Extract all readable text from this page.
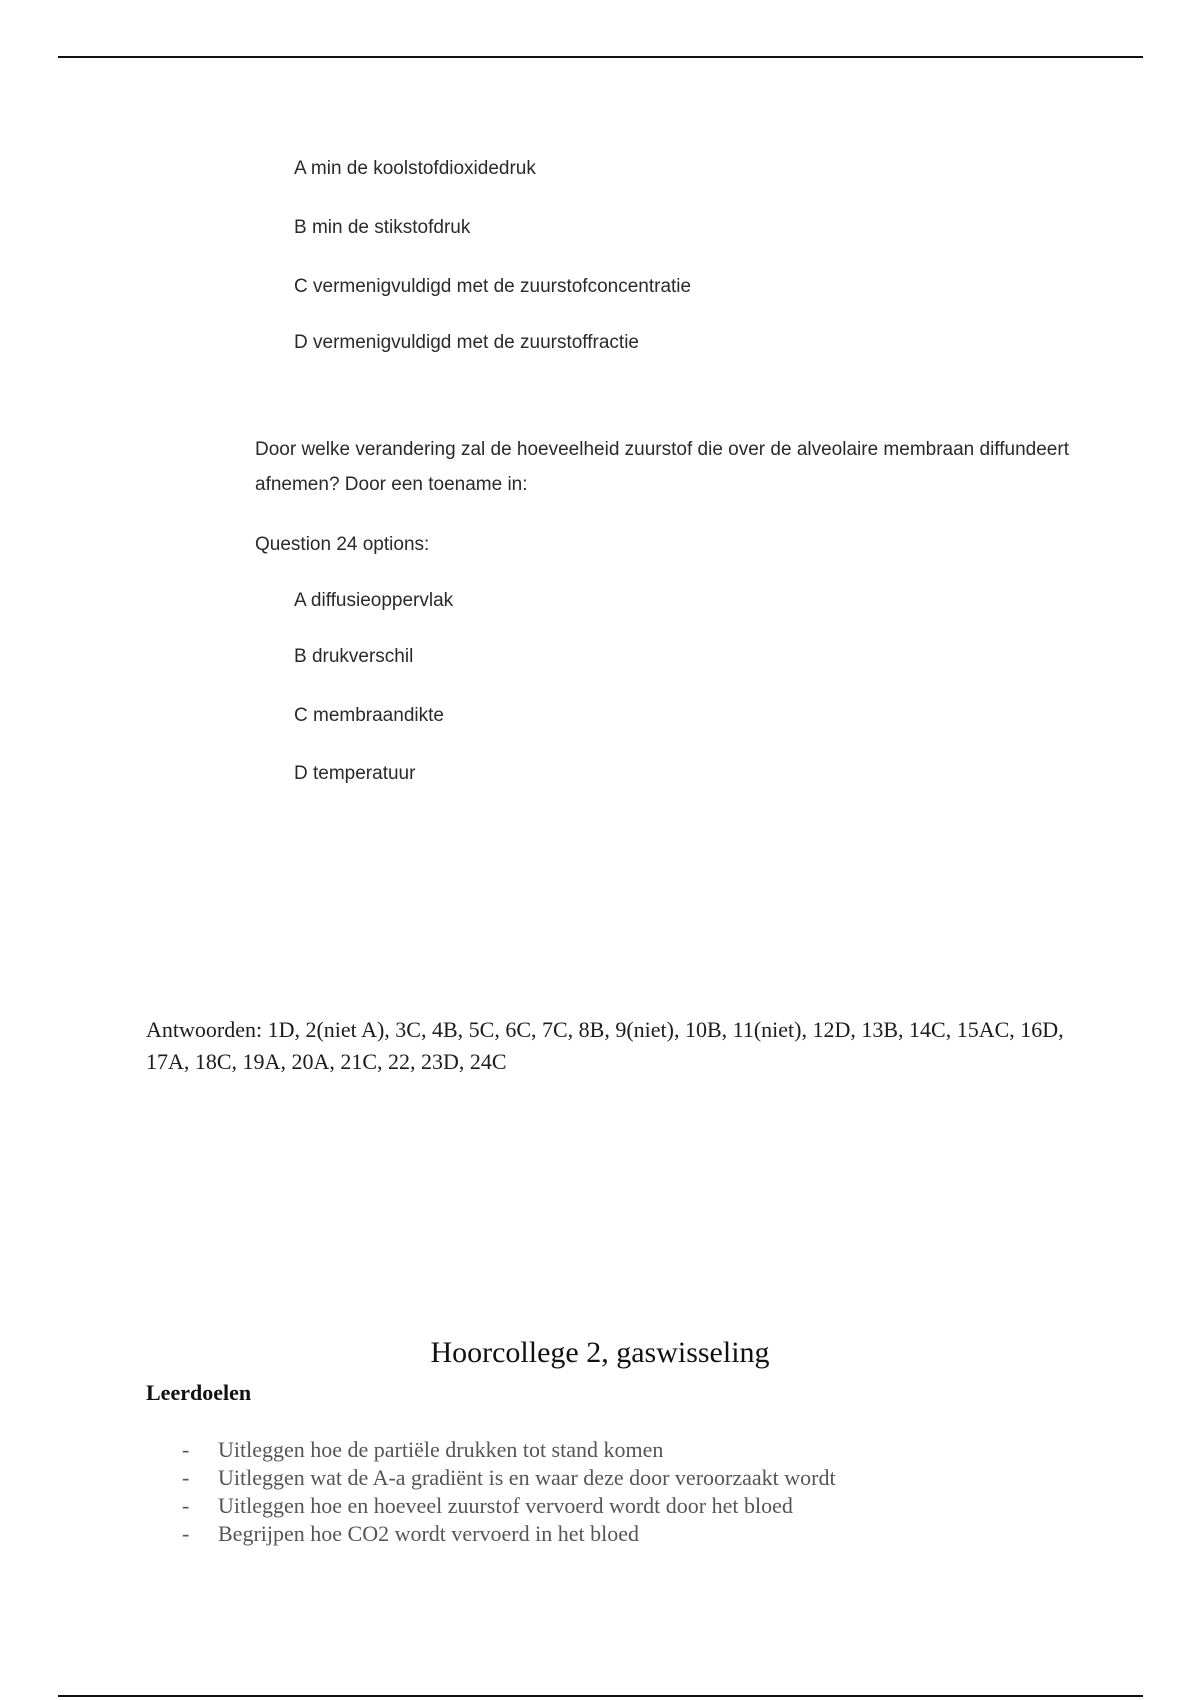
A min de koolstofdioxidedruk

B min de stikstofdruk

C vermenigvuldigd met de zuurstofconcentratie

D vermenigvuldigd met de zuurstoffractie

Door welke verandering zal de hoeveelheid zuurstof die over de alveolaire membraan diffundeert afnemen? Door een toename in:

Question 24 options:

A diffusieoppervlak

B drukverschil

C membraandikte

D temperatuur

Antwoorden: 1D, 2(niet A), 3C, 4B, 5C, 6C, 7C, 8B, 9(niet), 10B, 11(niet), 12D, 13B, 14C, 15AC, 16D, 17A, 18C, 19A, 20A, 21C, 22, 23D, 24C

Hoorcollege 2, gaswisseling
Leerdoelen
- Uitleggen hoe de partiële drukken tot stand komen
- Uitleggen wat de A-a gradiënt is en waar deze door veroorzaakt wordt
- Uitleggen hoe en hoeveel zuurstof vervoerd wordt door het bloed
- Begrijpen hoe CO2 wordt vervoerd in het bloed
